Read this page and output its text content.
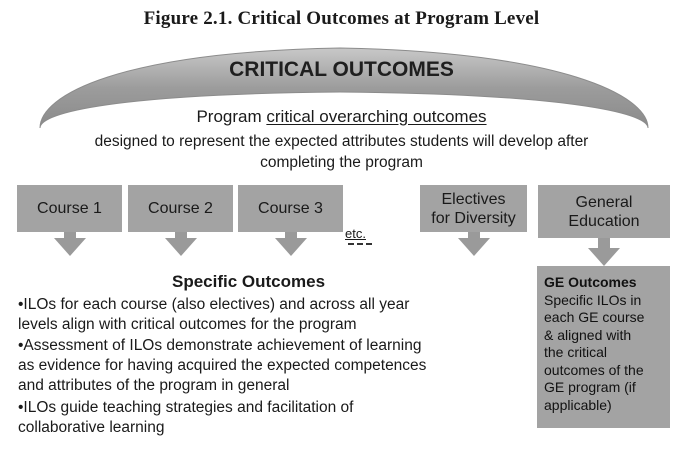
Figure 2.1. Critical Outcomes at Program Level
CRITICAL OUTCOMES
Program critical overarching outcomes
designed to represent the expected attributes students will develop after
completing the program
Course 1	Course 2	Course 3
Electives
for Diversity
General
Education
etc.
Specific Outcomes
•ILOs for each course (also electives) and across all year
levels align with critical outcomes for the program
•Assessment of ILOs demonstrate achievement of learning
as evidence for having acquired the expected competences
and attributes of the program in general
•ILOs guide teaching strategies and facilitation of
collaborative learning
GE Outcomes
Specific ILOs in
each GE course
& aligned with
the critical
outcomes of the
GE program (if
applicable)
